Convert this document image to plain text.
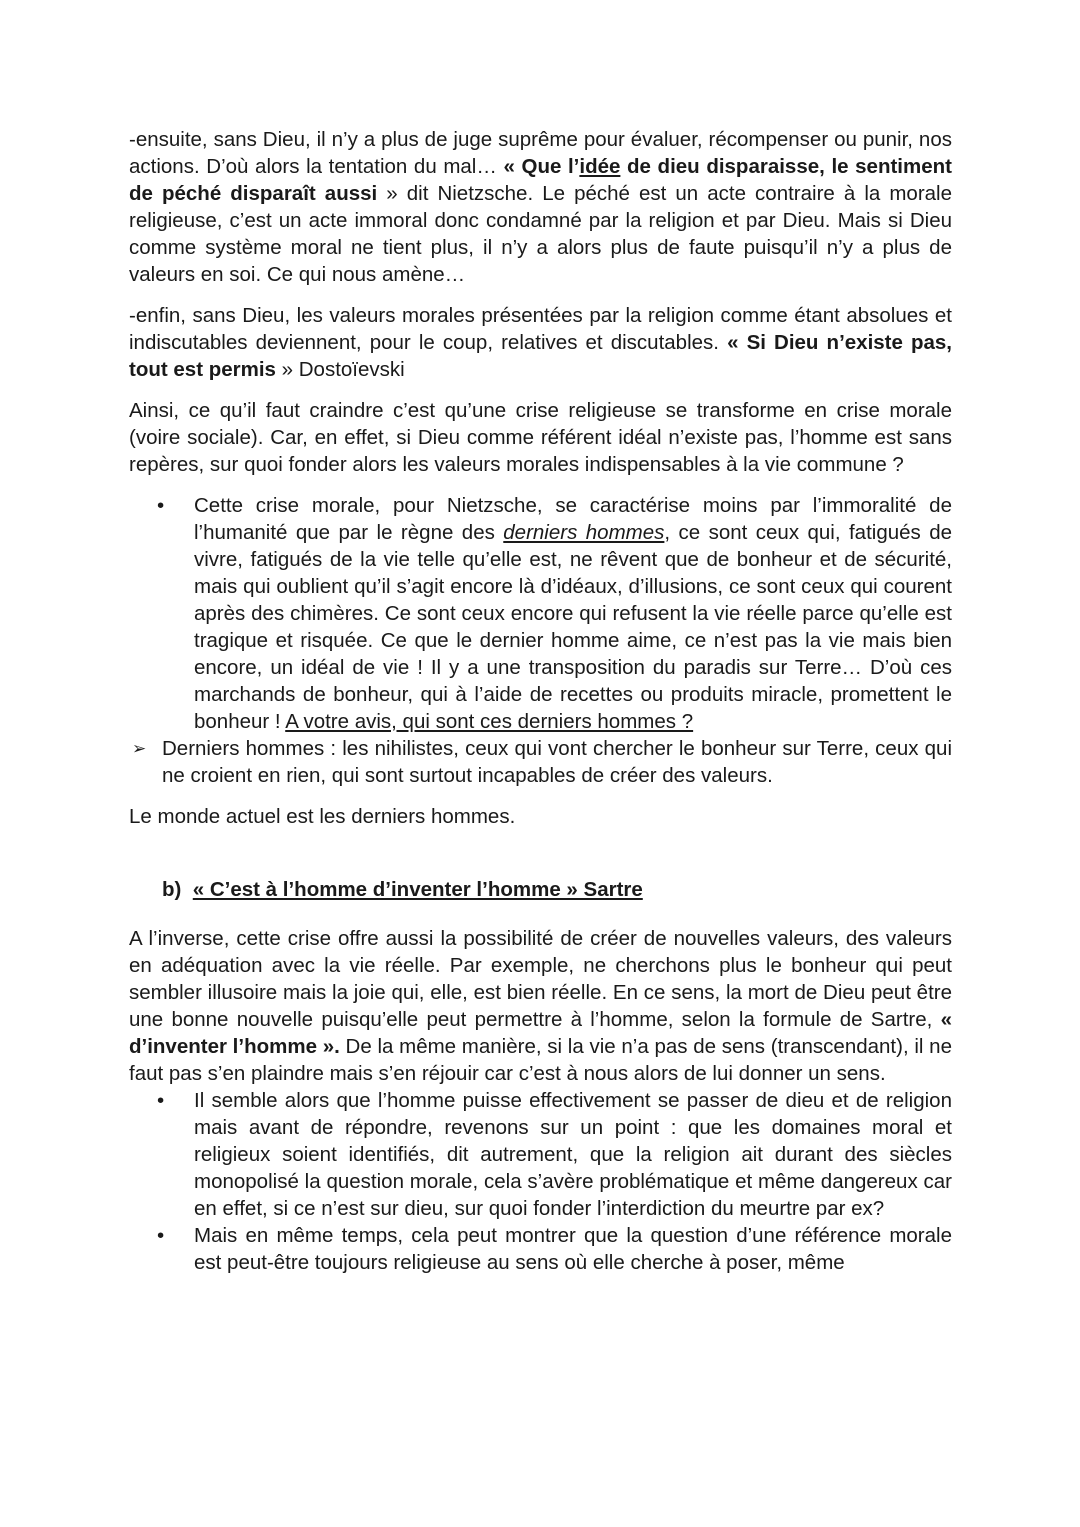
-ensuite, sans Dieu, il n’y a plus de juge suprême pour évaluer, récompenser ou punir, nos actions. D’où alors la tentation du mal… « Que l’idée de dieu disparaisse, le sentiment de péché disparaît aussi » dit Nietzsche. Le péché est un acte contraire à la morale religieuse, c’est un acte immoral donc condamné par la religion et par Dieu. Mais si Dieu comme système moral ne tient plus, il n’y a alors plus de faute puisqu’il n’y a plus de valeurs en soi. Ce qui nous amène…

-enfin, sans Dieu, les valeurs morales présentées par la religion comme étant absolues et indiscutables deviennent, pour le coup, relatives et discutables. « Si Dieu n’existe pas, tout est permis » Dostoïevski

Ainsi, ce qu’il faut craindre c’est qu’une crise religieuse se transforme en crise morale (voire sociale). Car, en effet, si Dieu comme référent idéal n’existe pas, l’homme est sans repères, sur quoi fonder alors les valeurs morales indispensables à la vie commune ?

• Cette crise morale, pour Nietzsche, se caractérise moins par l’immoralité de l’humanité que par le règne des derniers hommes, ce sont ceux qui, fatigués de vivre, fatigués de la vie telle qu’elle est, ne rêvent que de bonheur et de sécurité, mais qui oublient qu’il s’agit encore là d’idéaux, d’illusions, ce sont ceux qui courent après des chimères. Ce sont ceux encore qui refusent la vie réelle parce qu’elle est tragique et risquée. Ce que le dernier homme aime, ce n’est pas la vie mais bien encore, un idéal de vie ! Il y a une transposition du paradis sur Terre… D’où ces marchands de bonheur, qui à l’aide de recettes ou produits miracle, promettent le bonheur ! A votre avis, qui sont ces derniers hommes ?
➢ Derniers hommes : les nihilistes, ceux qui vont chercher le bonheur sur Terre, ceux qui ne croient en rien, qui sont surtout incapables de créer des valeurs.

Le monde actuel est les derniers hommes.

b) « C’est à l’homme d’inventer l’homme » Sartre

A l’inverse, cette crise offre aussi la possibilité de créer de nouvelles valeurs, des valeurs en adéquation avec la vie réelle. Par exemple, ne cherchons plus le bonheur qui peut sembler illusoire mais la joie qui, elle, est bien réelle. En ce sens, la mort de Dieu peut être une bonne nouvelle puisqu’elle peut permettre à l’homme, selon la formule de Sartre, « d’inventer l’homme ». De la même manière, si la vie n’a pas de sens (transcendant), il ne faut pas s’en plaindre mais s’en réjouir car c’est à nous alors de lui donner un sens.

• Il semble alors que l’homme puisse effectivement se passer de dieu et de religion mais avant de répondre, revenons sur un point : que les domaines moral et religieux soient identifiés, dit autrement, que la religion ait durant des siècles monopolisé la question morale, cela s’avère problématique et même dangereux car en effet, si ce n’est sur dieu, sur quoi fonder l’interdiction du meurtre par ex?
• Mais en même temps, cela peut montrer que la question d’une référence morale est peut-être toujours religieuse au sens où elle cherche à poser, même
